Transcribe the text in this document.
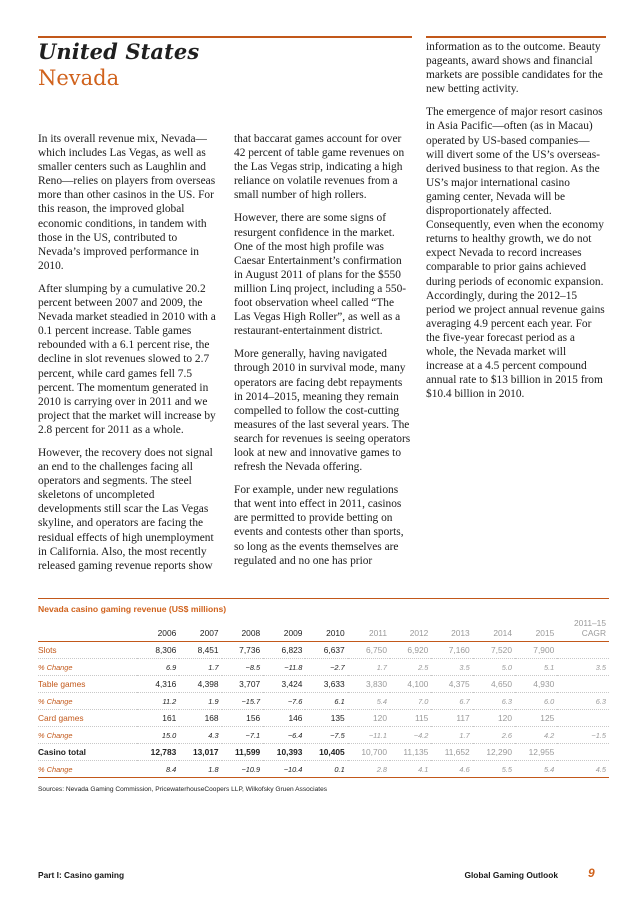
United States
Nevada

In its overall revenue mix, Nevada—which includes Las Vegas, as well as smaller centers such as Laughlin and Reno—relies on players from overseas more than other casinos in the US. For this reason, the improved global economic conditions, in tandem with those in the US, contributed to Nevada’s improved performance in 2010.

After slumping by a cumulative 20.2 percent between 2007 and 2009, the Nevada market steadied in 2010 with a 0.1 percent increase. Table games rebounded with a 6.1 percent rise, the decline in slot revenues slowed to 2.7 percent, while card games fell 7.5 percent. The momentum generated in 2010 is carrying over in 2011 and we project that the market will increase by 2.8 percent for 2011 as a whole.

However, the recovery does not signal an end to the challenges facing all operators and segments. The steel skeletons of uncompleted developments still scar the Las Vegas skyline, and operators are facing the residual effects of high unemployment in California. Also, the most recently released gaming revenue reports show

that baccarat games account for over 42 percent of table game revenues on the Las Vegas strip, indicating a high reliance on volatile revenues from a small number of high rollers.

However, there are some signs of resurgent confidence in the market. One of the most high profile was Caesar Entertainment’s confirmation in August 2011 of plans for the $550 million Linq project, including a 550-foot observation wheel called “The Las Vegas High Roller”, as well as a restaurant-entertainment district.

More generally, having navigated through 2010 in survival mode, many operators are facing debt repayments in 2014–2015, meaning they remain compelled to follow the cost-cutting measures of the last several years. The search for revenues is seeing operators look at new and innovative games to refresh the Nevada offering.

For example, under new regulations that went into effect in 2011, casinos are permitted to provide betting on events and contests other than sports, so long as the events themselves are regulated and no one has prior

information as to the outcome. Beauty pageants, award shows and financial markets are possible candidates for the new betting activity.

The emergence of major resort casinos in Asia Pacific—often (as in Macau) operated by US-based companies—will divert some of the US’s overseas-derived business to that region. As the US’s major international casino gaming center, Nevada will be disproportionately affected. Consequently, even when the economy returns to healthy growth, we do not expect Nevada to record increases comparable to prior gains achieved during periods of economic expansion. Accordingly, during the 2012–15 period we project annual revenue gains averaging 4.9 percent each year. For the five-year forecast period as a whole, the Nevada market will increase at a 4.5 percent compound annual rate to $13 billion in 2015 from $10.4 billion in 2010.

Nevada casino gaming revenue (US$ millions)
	2006	2007	2008	2009	2010	2011	2012	2013	2014	2015	2011–15
CAGR
Slots	8,306	8,451	7,736	6,823	6,637	6,750	6,920	7,160	7,520	7,900	
% Change	6.9	1.7	−8.5	−11.8	−2.7	1.7	2.5	3.5	5.0	5.1	3.5
Table games	4,316	4,398	3,707	3,424	3,633	3,830	4,100	4,375	4,650	4,930	
% Change	11.2	1.9	−15.7	−7.6	6.1	5.4	7.0	6.7	6.3	6.0	6.3
Card games	161	168	156	146	135	120	115	117	120	125	
% Change	15.0	4.3	−7.1	−6.4	−7.5	−11.1	−4.2	1.7	2.6	4.2	−1.5
Casino total	12,783	13,017	11,599	10,393	10,405	10,700	11,135	11,652	12,290	12,955	
% Change	8.4	1.8	−10.9	−10.4	0.1	2.8	4.1	4.6	5.5	5.4	4.5
Sources: Nevada Gaming Commission, PricewaterhouseCoopers LLP, Wilkofsky Gruen Associates
Part I: Casino gaming	Global Gaming Outlook	9
